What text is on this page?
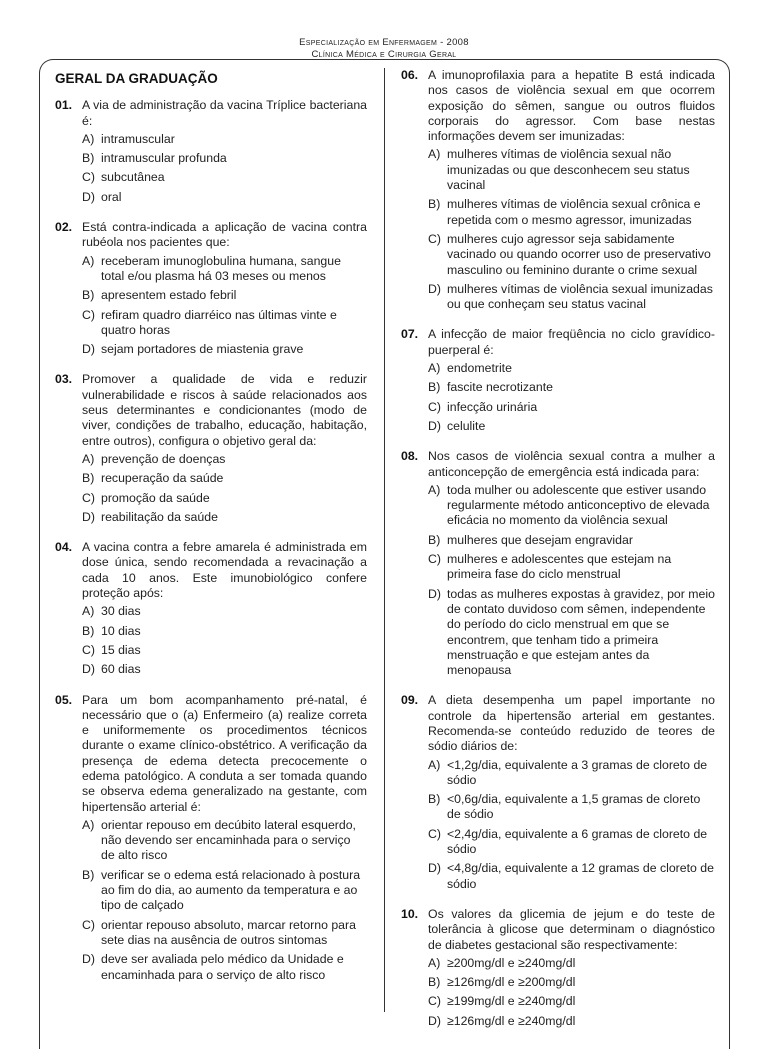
Especialização em Enfermagem - 2008
Clínica Médica e Cirurgia Geral
GERAL DA GRADUAÇÃO
01. A via de administração da vacina Tríplice bacteriana é:
A) intramuscular
B) intramuscular profunda
C) subcutânea
D) oral
02. Está contra-indicada a aplicação de vacina contra rubéola nos pacientes que:
A) receberam imunoglobulina humana, sangue total e/ou plasma há 03 meses ou menos
B) apresentem estado febril
C) refiram quadro diarréico nas últimas vinte e quatro horas
D) sejam portadores de miastenia grave
03. Promover a qualidade de vida e reduzir vulnerabilidade e riscos à saúde relacionados aos seus determinantes e condicionantes (modo de viver, condições de trabalho, educação, habitação, entre outros), configura o objetivo geral da:
A) prevenção de doenças
B) recuperação da saúde
C) promoção da saúde
D) reabilitação da saúde
04. A vacina contra a febre amarela é administrada em dose única, sendo recomendada a revacinação a cada 10 anos. Este imunobiológico confere proteção após:
A) 30 dias
B) 10 dias
C) 15 dias
D) 60 dias
05. Para um bom acompanhamento pré-natal, é necessário que o (a) Enfermeiro (a) realize correta e uniformemente os procedimentos técnicos durante o exame clínico-obstétrico. A verificação da presença de edema detecta precocemente o edema patológico. A conduta a ser tomada quando se observa edema generalizado na gestante, com hipertensão arterial é:
A) orientar repouso em decúbito lateral esquerdo, não devendo ser encaminhada para o serviço de alto risco
B) verificar se o edema está relacionado à postura ao fim do dia, ao aumento da temperatura e ao tipo de calçado
C) orientar repouso absoluto, marcar retorno para sete dias na ausência de outros sintomas
D) deve ser avaliada pelo médico da Unidade e encaminhada para o serviço de alto risco
06. A imunoprofilaxia para a hepatite B está indicada nos casos de violência sexual em que ocorrem exposição do sêmen, sangue ou outros fluidos corporais do agressor. Com base nestas informações devem ser imunizadas:
A) mulheres vítimas de violência sexual não imunizadas ou que desconhecem seu status vacinal
B) mulheres vítimas de violência sexual crônica e repetida com o mesmo agressor, imunizadas
C) mulheres cujo agressor seja sabidamente vacinado ou quando ocorrer uso de preservativo masculino ou feminino durante o crime sexual
D) mulheres vítimas de violência sexual imunizadas ou que conheçam seu status vacinal
07. A infecção de maior freqüência no ciclo gravídico-puerperal é:
A) endometrite
B) fascite necrotizante
C) infecção urinária
D) celulite
08. Nos casos de violência sexual contra a mulher a anticoncepção de emergência está indicada para:
A) toda mulher ou adolescente que estiver usando regularmente método anticonceptivo de elevada eficácia no momento da violência sexual
B) mulheres que desejam engravidar
C) mulheres e adolescentes que estejam na primeira fase do ciclo menstrual
D) todas as mulheres expostas à gravidez, por meio de contato duvidoso com sêmen, independente do período do ciclo menstrual em que se encontrem, que tenham tido a primeira menstruação e que estejam antes da menopausa
09. A dieta desempenha um papel importante no controle da hipertensão arterial em gestantes. Recomenda-se conteúdo reduzido de teores de sódio diários de:
A) <1,2g/dia, equivalente a 3 gramas de cloreto de sódio
B) <0,6g/dia, equivalente a 1,5 gramas de cloreto de sódio
C) <2,4g/dia, equivalente a 6 gramas de cloreto de sódio
D) <4,8g/dia, equivalente a 12 gramas de cloreto de sódio
10. Os valores da glicemia de jejum e do teste de tolerância à glicose que determinam o diagnóstico de diabetes gestacional são respectivamente:
A) ≥200mg/dl e ≥240mg/dl
B) ≥126mg/dl e ≥200mg/dl
C) ≥199mg/dl e ≥240mg/dl
D) ≥126mg/dl e ≥240mg/dl
